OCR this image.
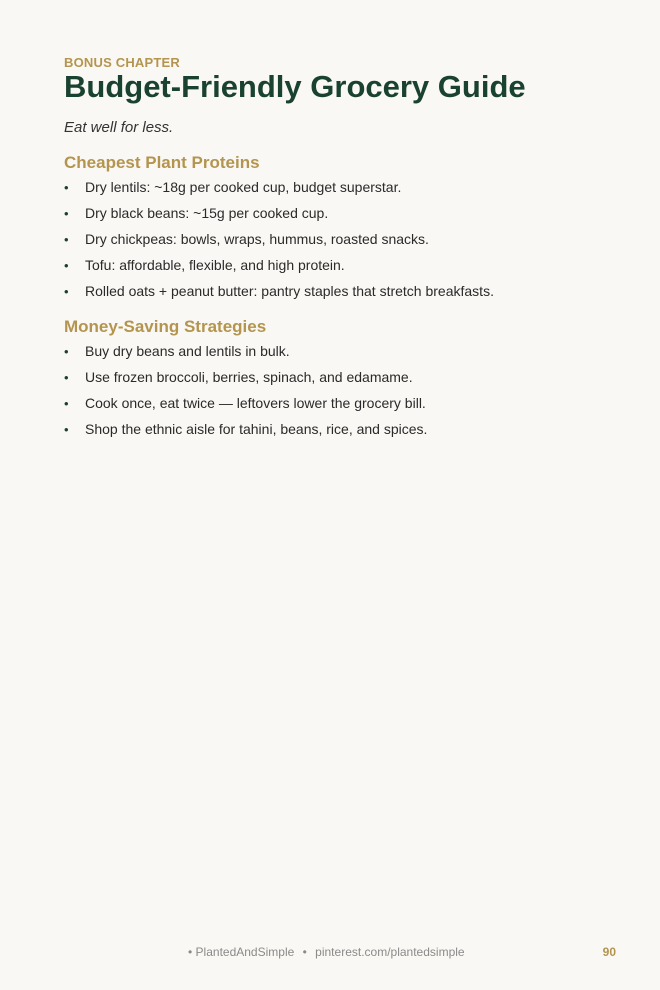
BONUS CHAPTER
Budget-Friendly Grocery Guide
Eat well for less.
Cheapest Plant Proteins
• Dry lentils: ~18g per cooked cup, budget superstar.
• Dry black beans: ~15g per cooked cup.
• Dry chickpeas: bowls, wraps, hummus, roasted snacks.
• Tofu: affordable, flexible, and high protein.
• Rolled oats + peanut butter: pantry staples that stretch breakfasts.
Money-Saving Strategies
• Buy dry beans and lentils in bulk.
• Use frozen broccoli, berries, spinach, and edamame.
• Cook once, eat twice — leftovers lower the grocery bill.
• Shop the ethnic aisle for tahini, beans, rice, and spices.
• PlantedAndSimple • pinterest.com/plantedsimple	90
